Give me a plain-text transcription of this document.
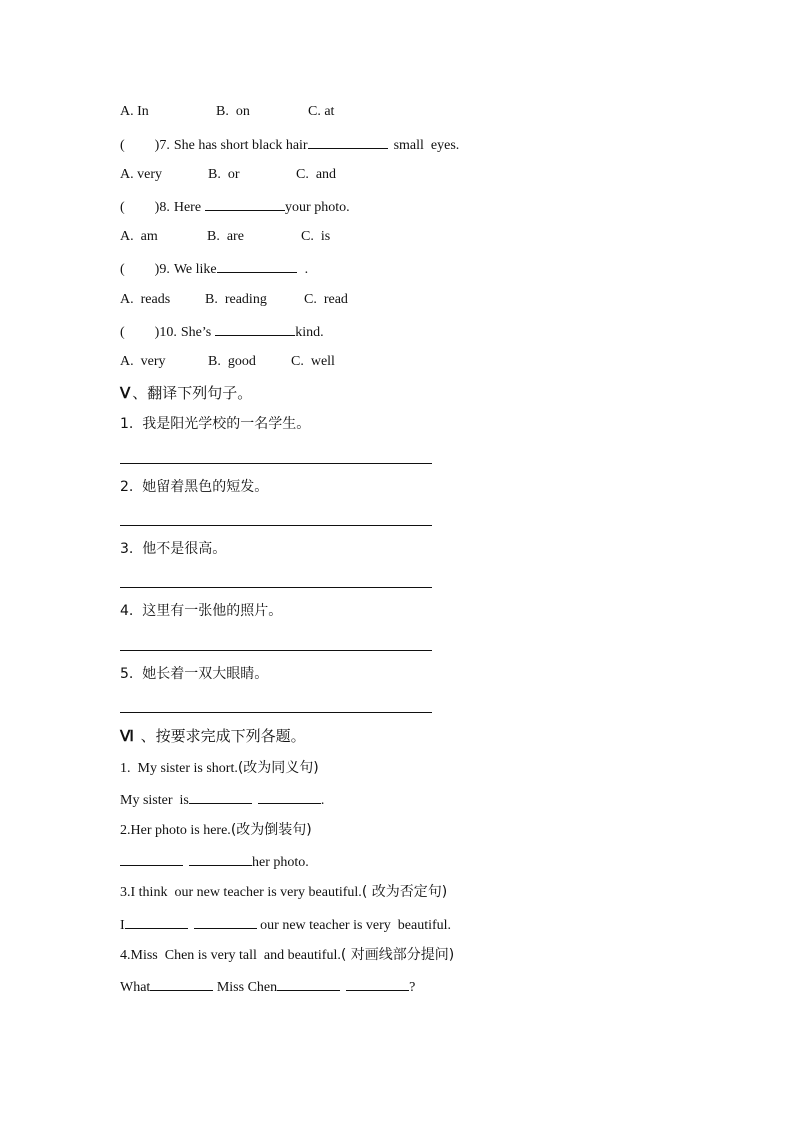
A. In	B.  on	C. at
( )7. She has short black hair	small  eyes.
A. very	B.  or	C.  and
( )8. Here	your photo.
A.  am	B.  are	C.  is
( )9. We like	.
A.  reads	B.  reading	C.  read
( )10. She’s	kind.
A.  very	B.  good	C.  well
Ⅴ 、翻译下列句子。
1.  我是阳光学校的一名学生。
2.  她留着黑色的短发。
3.  他不是很高。
4.  这里有一张他的照片。
5.  她长着一双大眼睛。
Ⅵ 、按要求完成下列各题。
1.  My sister is short. (改为同义句)
My sister  is	.
2.Her photo is here. (改为倒装句)
her photo.
3.I think  our new teacher is very beautiful. ( 改为否定句)
I	our new teacher is very  beautiful.
4.Miss  Chen is very tall  and beautiful. ( 对画线部分提问)
What	Miss Chen	?
